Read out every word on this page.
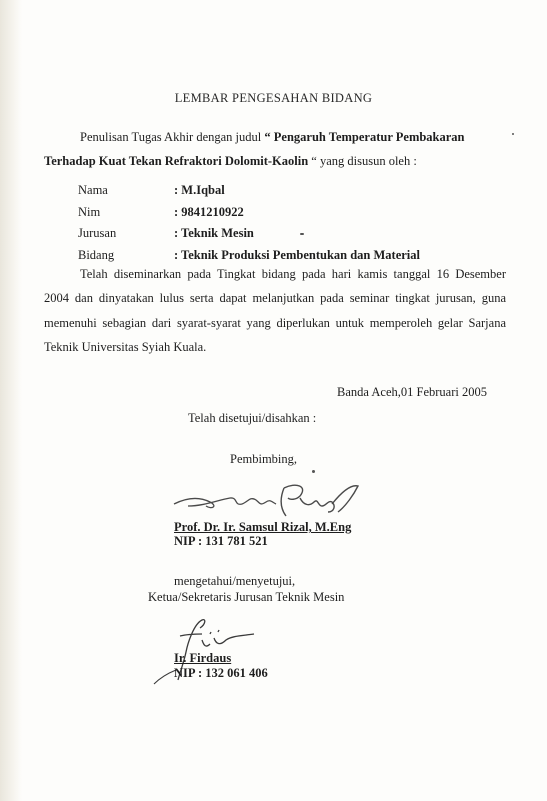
LEMBAR PENGESAHAN BIDANG
Penulisan Tugas Akhir dengan judul “ Pengaruh Temperatur Pembakaran
Terhadap Kuat Tekan Refraktori Dolomit-Kaolin “ yang disusun oleh :
Nama	: M.Iqbal
Nim	: 9841210922
Jurusan	: Teknik Mesin
Bidang	: Teknik Produksi Pembentukan dan Material
Telah diseminarkan pada Tingkat bidang pada hari kamis tanggal 16 Desember
2004 dan dinyatakan lulus serta dapat melanjutkan pada seminar tingkat jurusan, guna
memenuhi sebagian dari syarat-syarat yang diperlukan untuk memperoleh gelar Sarjana
Teknik Universitas Syiah Kuala.
Banda Aceh,01 Februari 2005
Telah disetujui/disahkan :
Pembimbing,
Prof. Dr. Ir. Samsul Rizal, M.Eng
NIP : 131 781 521
mengetahui/menyetujui,
Ketua/Sekretaris Jurusan Teknik Mesin
Ir. Firdaus
NIP : 132 061 406
